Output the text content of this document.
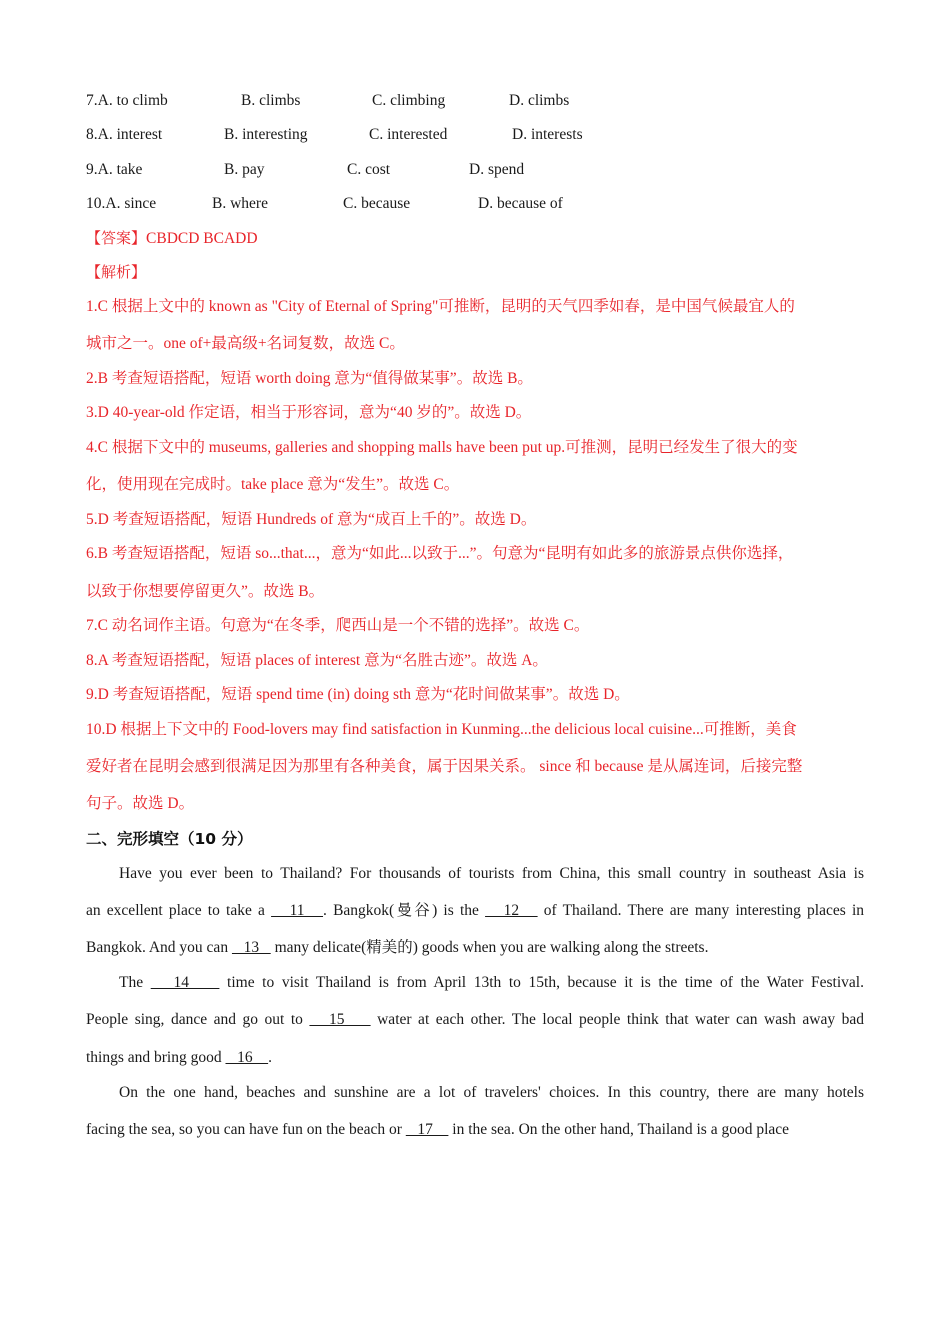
7.A. to climb	B. climbs	C. climbing	D. climbs
8.A. interest	B. interesting	C. interested	D. interests
9.A. take	B. pay	C. cost	D. spend
10.A. since	B. where	C. because	D. because of
【答案】CBDCD BCADD
【解析】
1.C 根据上文中的 known as "City of Eternal of Spring"可推断，昆明的天气四季如春，是中国气候最宜人的
城市之一。one of+最高级+名词复数，故选 C。
2.B 考查短语搭配，短语 worth doing 意为“值得做某事”。故选 B。
3.D 40-year-old 作定语，相当于形容词，意为“40 岁的”。故选 D。
4.C 根据下文中的 museums, galleries and shopping malls have been put up.可推测，昆明已经发生了很大的变
化，使用现在完成时。take place 意为“发生”。故选 C。
5.D 考查短语搭配，短语 Hundreds of 意为“成百上千的”。故选 D。
6.B 考查短语搭配，短语 so...that...，意为“如此...以致于...”。句意为“昆明有如此多的旅游景点供你选择，
以致于你想要停留更久”。故选 B。
7.C 动名词作主语。句意为“在冬季，爬西山是一个不错的选择”。故选 C。
8.A 考查短语搭配，短语 places of interest 意为“名胜古迹”。故选 A。
9.D 考查短语搭配，短语 spend time (in) doing sth 意为“花时间做某事”。故选 D。
10.D 根据上下文中的 Food-lovers may find satisfaction in Kunming...the delicious local cuisine...可推断，美食
爱好者在昆明会感到很满足因为那里有各种美食，属于因果关系。 since 和 because 是从属连词，后接完整
句子。故选 D。
二、完形填空（10 分）
Have you ever been to Thailand? For thousands of tourists from China, this small country in southeast Asia is
an excellent place to take a    11   . Bangkok(曼谷) is the    12    of Thailand. There are many interesting places in
Bangkok. And you can    13    many delicate(精美的) goods when you are walking along the streets.
The    14     time to visit Thailand is from April 13th to 15th, because it is the time of the Water Festival.
People sing, dance and go out to    15     water at each other. The local people think that water can wash away bad
things and bring good    16    .
On the one hand, beaches and sunshine are a lot of travelers' choices. In this country, there are many hotels
facing the sea, so you can have fun on the beach or    17     in the sea. On the other hand, Thailand is a good place
